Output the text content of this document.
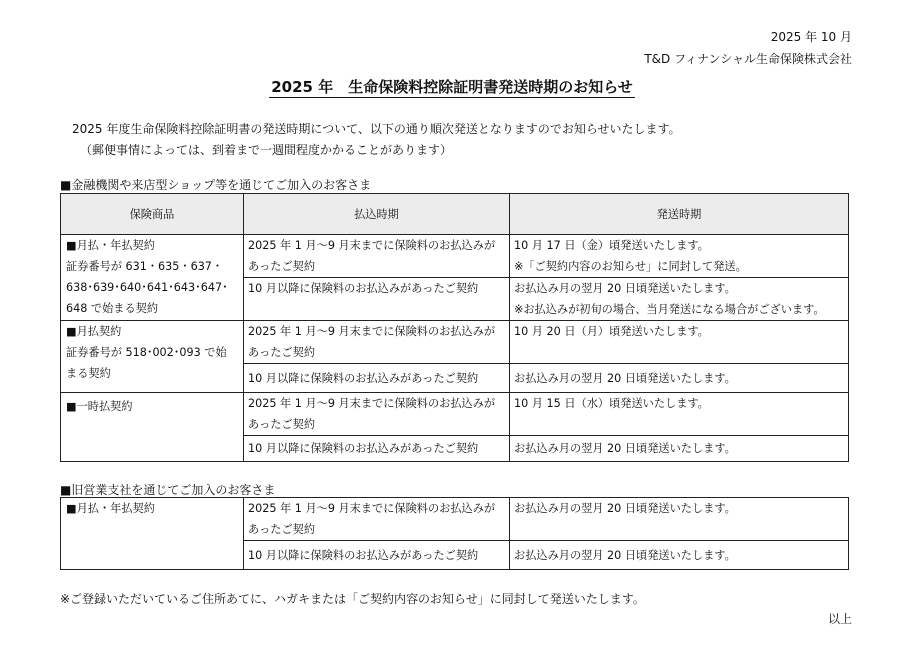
2025 年 10 月
T&D フィナンシャル生命保険株式会社
2025 年　生命保険料控除証明書発送時期のお知らせ
2025 年度生命保険料控除証明書の発送時期について、以下の通り順次発送となりますのでお知らせいたします。
（郵便事情によっては、到着まで一週間程度かかることがあります）
■金融機関や来店型ショップ等を通じてご加入のお客さま
保険商品	払込時期	発送時期

■月払・年払契約
証券番号が 631・635・637・
638･639･640･641･643･647･
648 で始まる契約	2025 年 1 月～9 月末までに保険料のお払込みがあったご契約	10 月 17 日（金）頃発送いたします。
※「ご契約内容のお知らせ」に同封して発送。

	10 月以降に保険料のお払込みがあったご契約	お払込み月の翌月 20 日頃発送いたします。
※お払込みが初旬の場合、当月発送になる場合がございます。

■月払契約
証券番号が 518･002･093 で始
まる契約	2025 年 1 月～9 月末までに保険料のお払込みがあったご契約	10 月 20 日（月）頃発送いたします。

	10 月以降に保険料のお払込みがあったご契約	お払込み月の翌月 20 日頃発送いたします。

■一時払契約	2025 年 1 月～9 月末までに保険料のお払込みがあったご契約	10 月 15 日（水）頃発送いたします。

	10 月以降に保険料のお払込みがあったご契約	お払込み月の翌月 20 日頃発送いたします。
■旧営業支社を通じてご加入のお客さま
■月払・年払契約	2025 年 1 月～9 月末までに保険料のお払込みがあったご契約	お払込み月の翌月 20 日頃発送いたします。

	10 月以降に保険料のお払込みがあったご契約	お払込み月の翌月 20 日頃発送いたします。
※ご登録いただいているご住所あてに、ハガキまたは「ご契約内容のお知らせ」に同封して発送いたします。
以上
